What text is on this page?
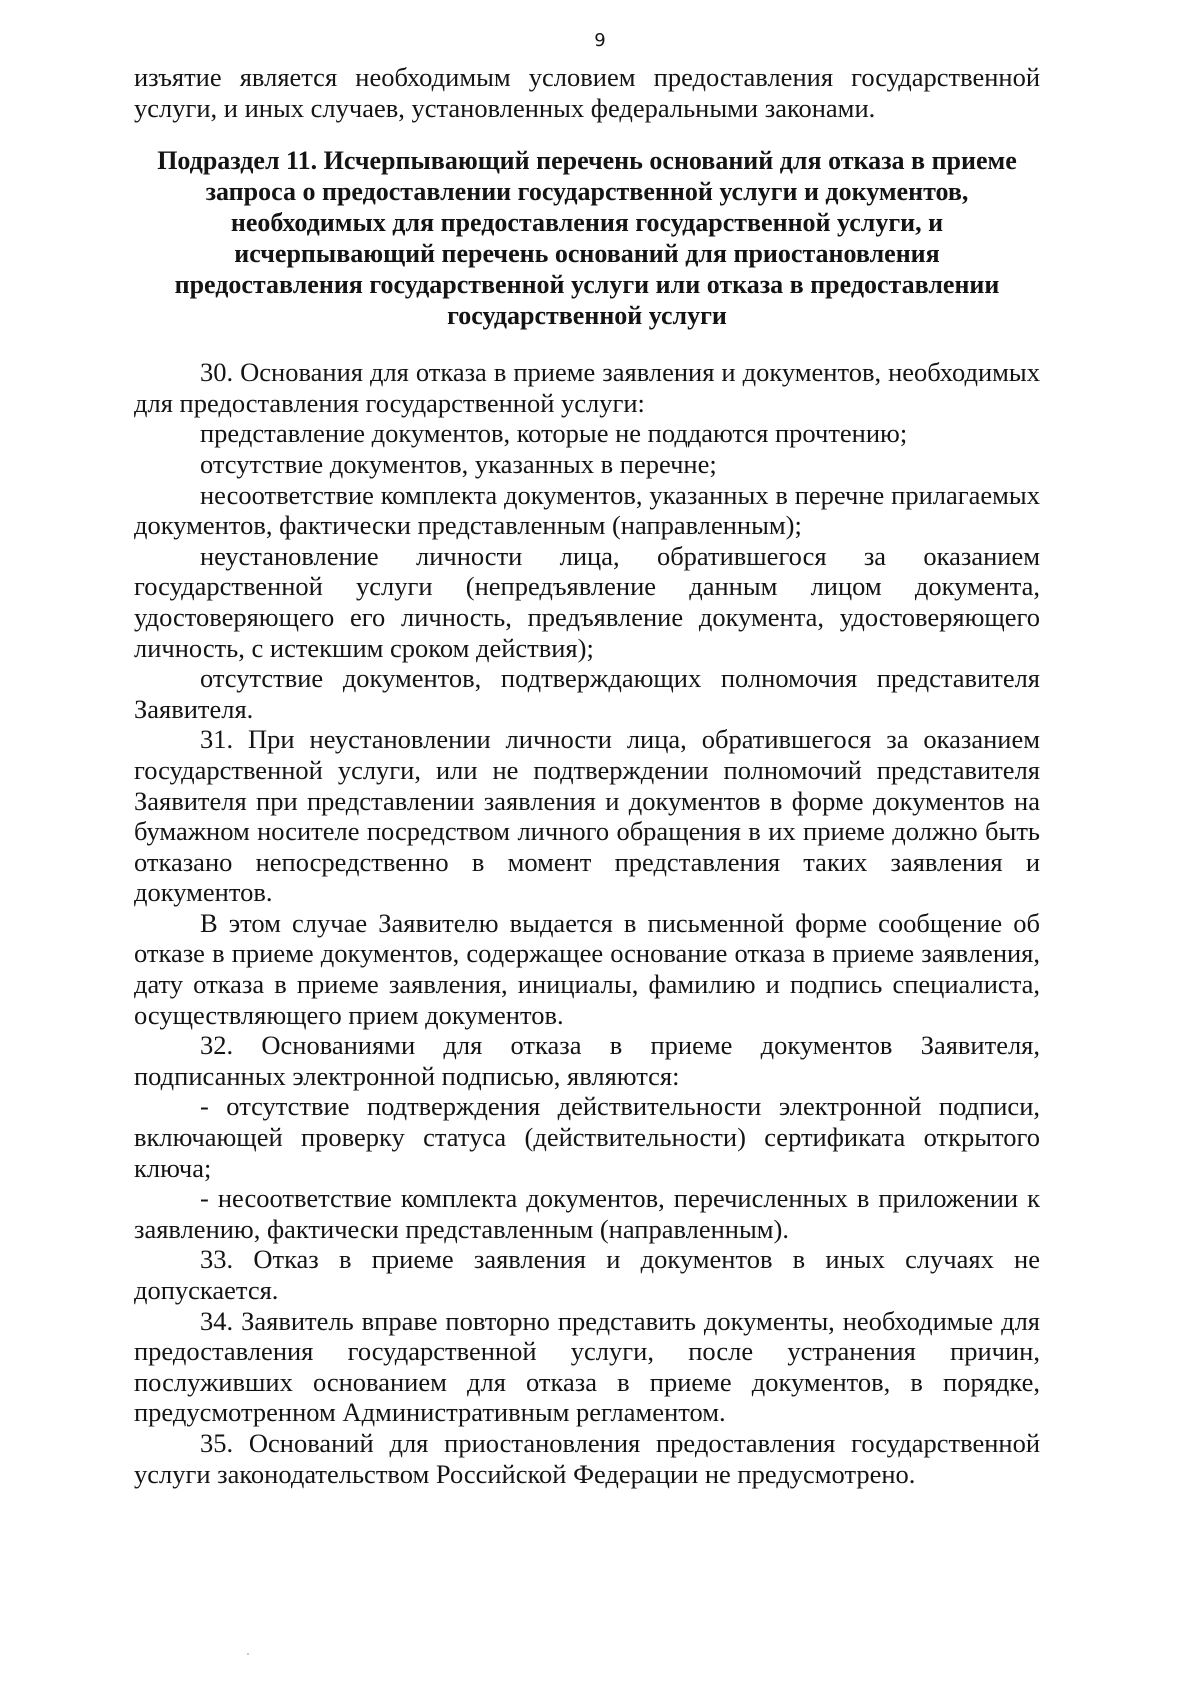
9

изъятие является необходимым условием предоставления государственной услуги, и иных случаев, установленных федеральными законами.

Подраздел 11. Исчерпывающий перечень оснований для отказа в приеме
запроса о предоставлении государственной услуги и документов,
необходимых для предоставления государственной услуги, и
исчерпывающий перечень оснований для приостановления
предоставления государственной услуги или отказа в предоставлении
государственной услуги

30. Основания для отказа в приеме заявления и документов, необходимых для предоставления государственной услуги:

представление документов, которые не поддаются прочтению;

отсутствие документов, указанных в перечне;

несоответствие комплекта документов, указанных в перечне прилагаемых документов, фактически представленным (направленным);

неустановление личности лица, обратившегося за оказанием государственной услуги (непредъявление данным лицом документа, удостоверяющего его личность, предъявление документа, удостоверяющего личность, с истекшим сроком действия);

отсутствие документов, подтверждающих полномочия представителя Заявителя.

31. При неустановлении личности лица, обратившегося за оказанием государственной услуги, или не подтверждении полномочий представителя Заявителя при представлении заявления и документов в форме документов на бумажном носителе посредством личного обращения в их приеме должно быть отказано непосредственно в момент представления таких заявления и документов.

В этом случае Заявителю выдается в письменной форме сообщение об отказе в приеме документов, содержащее основание отказа в приеме заявления, дату отказа в приеме заявления, инициалы, фамилию и подпись специалиста, осуществляющего прием документов.

32. Основаниями для отказа в приеме документов Заявителя, подписанных электронной подписью, являются:

- отсутствие подтверждения действительности электронной подписи, включающей проверку статуса (действительности) сертификата открытого ключа;

- несоответствие комплекта документов, перечисленных в приложении к заявлению, фактически представленным (направленным).

33. Отказ в приеме заявления и документов в иных случаях не допускается.

34. Заявитель вправе повторно представить документы, необходимые для предоставления государственной услуги, после устранения причин, послуживших основанием для отказа в приеме документов, в порядке, предусмотренном Административным регламентом.

35. Оснований для приостановления предоставления государственной услуги законодательством Российской Федерации не предусмотрено.
